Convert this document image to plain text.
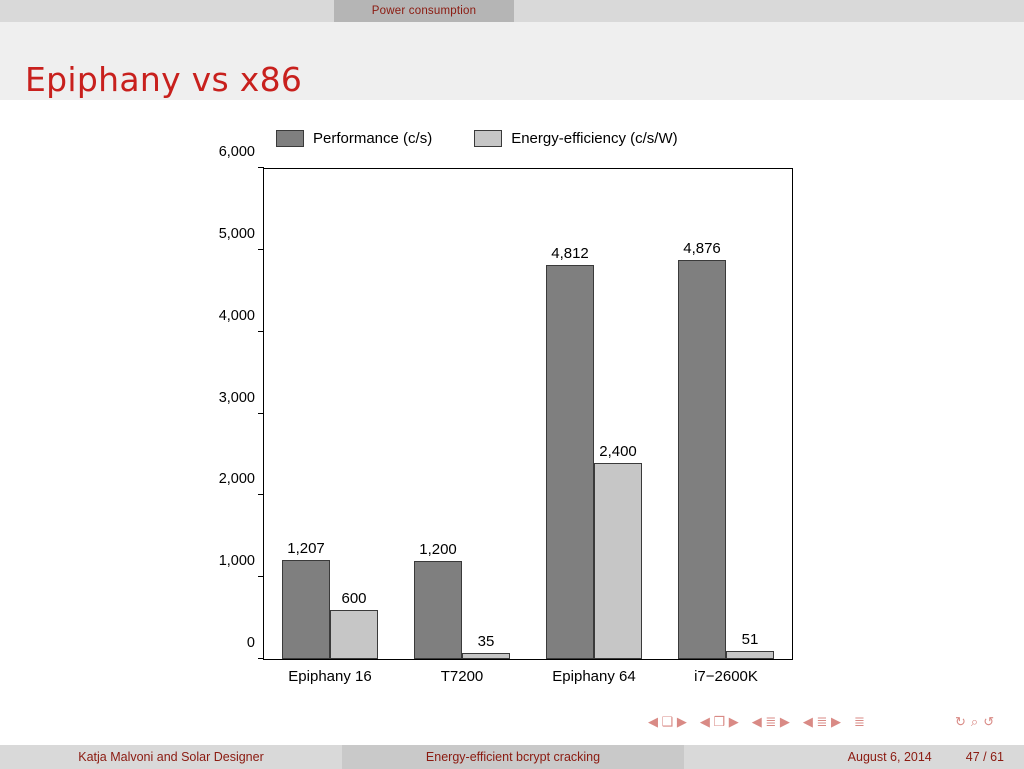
Power consumption
Epiphany vs x86
Performance (c/s)	Energy-efficiency (c/s/W)
0
1,000
2,000
3,000
4,000
5,000
6,000
1,207
600
Epiphany 16
1,200
35
T7200
4,812
2,400
Epiphany 64
4,876
51
i7−2600K
◀ ❑ ▶ ◀ ❒ ▶ ◀ ≣ ▶ ◀ ≣ ▶ ≣	↻ ⌕ ↺
Katja Malvoni and Solar Designer	Energy-efficient bcrypt cracking	August 6, 2014	47 / 61
